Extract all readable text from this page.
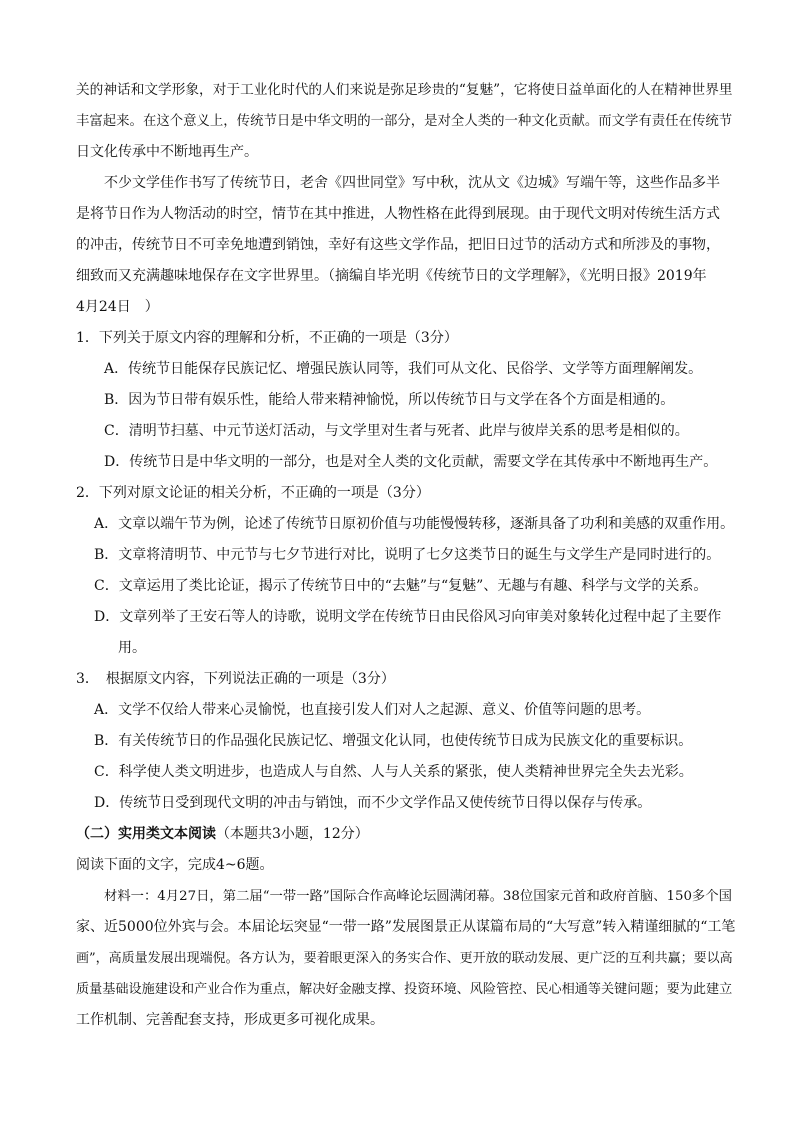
关的神话和文学形象，对于工业化时代的人们来说是弥足珍贵的“复魅”，它将使日益单面化的人在精神世界里
丰富起来。在这个意义上，传统节日是中华文明的一部分，是对全人类的一种文化贡献。而文学有责任在传统节
日文化传承中不断地再生产。
不少文学佳作书写了传统节日，老舍《四世同堂》写中秋，沈从文《边城》写端午等，这些作品多半
是将节日作为人物活动的时空，情节在其中推进，人物性格在此得到展现。由于现代文明对传统生活方式
的冲击，传统节日不可幸免地遭到销蚀，幸好有这些文学作品，把旧日过节的活动方式和所涉及的事物，
细致而又充满趣味地保存在文字世界里。（摘编自毕光明《传统节日的文学理解》，《光明日报》2019年
4月24日　）
1．下列关于原文内容的理解和分析，不正确的一项是（3分）
A．传统节日能保存民族记忆、增强民族认同等，我们可从文化、民俗学、文学等方面理解阐发。
B．因为节日带有娱乐性，能给人带来精神愉悦，所以传统节日与文学在各个方面是相通的。
C．清明节扫墓、中元节送灯活动，与文学里对生者与死者、此岸与彼岸关系的思考是相似的。
D．传统节日是中华文明的一部分，也是对全人类的文化贡献，需要文学在其传承中不断地再生产。
2．下列对原文论证的相关分析，不正确的一项是（3分）
A．文章以端午节为例，论述了传统节日原初价值与功能慢慢转移，逐渐具备了功利和美感的双重作用。
B．文章将清明节、中元节与七夕节进行对比，说明了七夕这类节日的诞生与文学生产是同时进行的。
C．文章运用了类比论证，揭示了传统节日中的“去魅”与“复魅”、无趣与有趣、科学与文学的关系。
D．文章列举了王安石等人的诗歌，说明文学在传统节日由民俗风习向审美对象转化过程中起了主要作
用。
3．　根据原文内容，下列说法正确的一项是（3分）
A．文学不仅给人带来心灵愉悦，也直接引发人们对人之起源、意义、价值等问题的思考。
B．有关传统节日的作品强化民族记忆、增强文化认同，也使传统节日成为民族文化的重要标识。
C．科学使人类文明进步，也造成人与自然、人与人关系的紧张，使人类精神世界完全失去光彩。
D．传统节日受到现代文明的冲击与销蚀，而不少文学作品又使传统节日得以保存与传承。
（二）实用类文本阅读（本题共3小题，12分）
阅读下面的文字，完成4~6题。
材料一：4月27日，第二届“一带一路”国际合作高峰论坛圆满闭幕。38位国家元首和政府首脑、150多个国
家、近5000位外宾与会。本届论坛突显“一带一路”发展图景正从谋篇布局的“大写意”转入精谨细腻的“工笔
画”，高质量发展出现端倪。各方认为，要着眼更深入的务实合作、更开放的联动发展、更广泛的互利共赢；要以高
质量基础设施建设和产业合作为重点，解决好金融支撑、投资环境、风险管控、民心相通等关键问题；要为此建立
工作机制、完善配套支持，形成更多可视化成果。
